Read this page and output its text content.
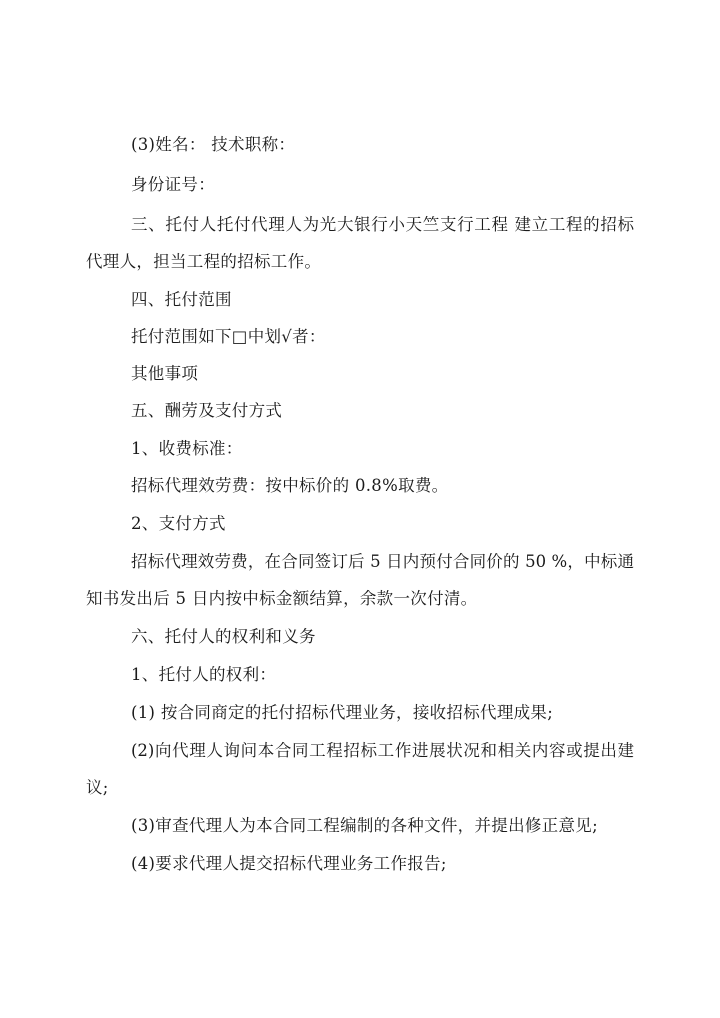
(3)姓名： 技术职称：
身份证号：
三、托付人托付代理人为光大银行小天竺支行工程 建立工程的招标
代理人，担当工程的招标工作。
四、托付范围
托付范围如下□中划√者：
其他事项
五、酬劳及支付方式
1、收费标准：
招标代理效劳费：按中标价的 0.8%取费。
2、支付方式
招标代理效劳费，在合同签订后 5 日内预付合同价的 50 %，中标通
知书发出后 5 日内按中标金额结算，余款一次付清。
六、托付人的权利和义务
1、托付人的权利：
(1) 按合同商定的托付招标代理业务，接收招标代理成果;
(2)向代理人询问本合同工程招标工作进展状况和相关内容或提出建
议;
(3)审查代理人为本合同工程编制的各种文件，并提出修正意见;
(4)要求代理人提交招标代理业务工作报告;
